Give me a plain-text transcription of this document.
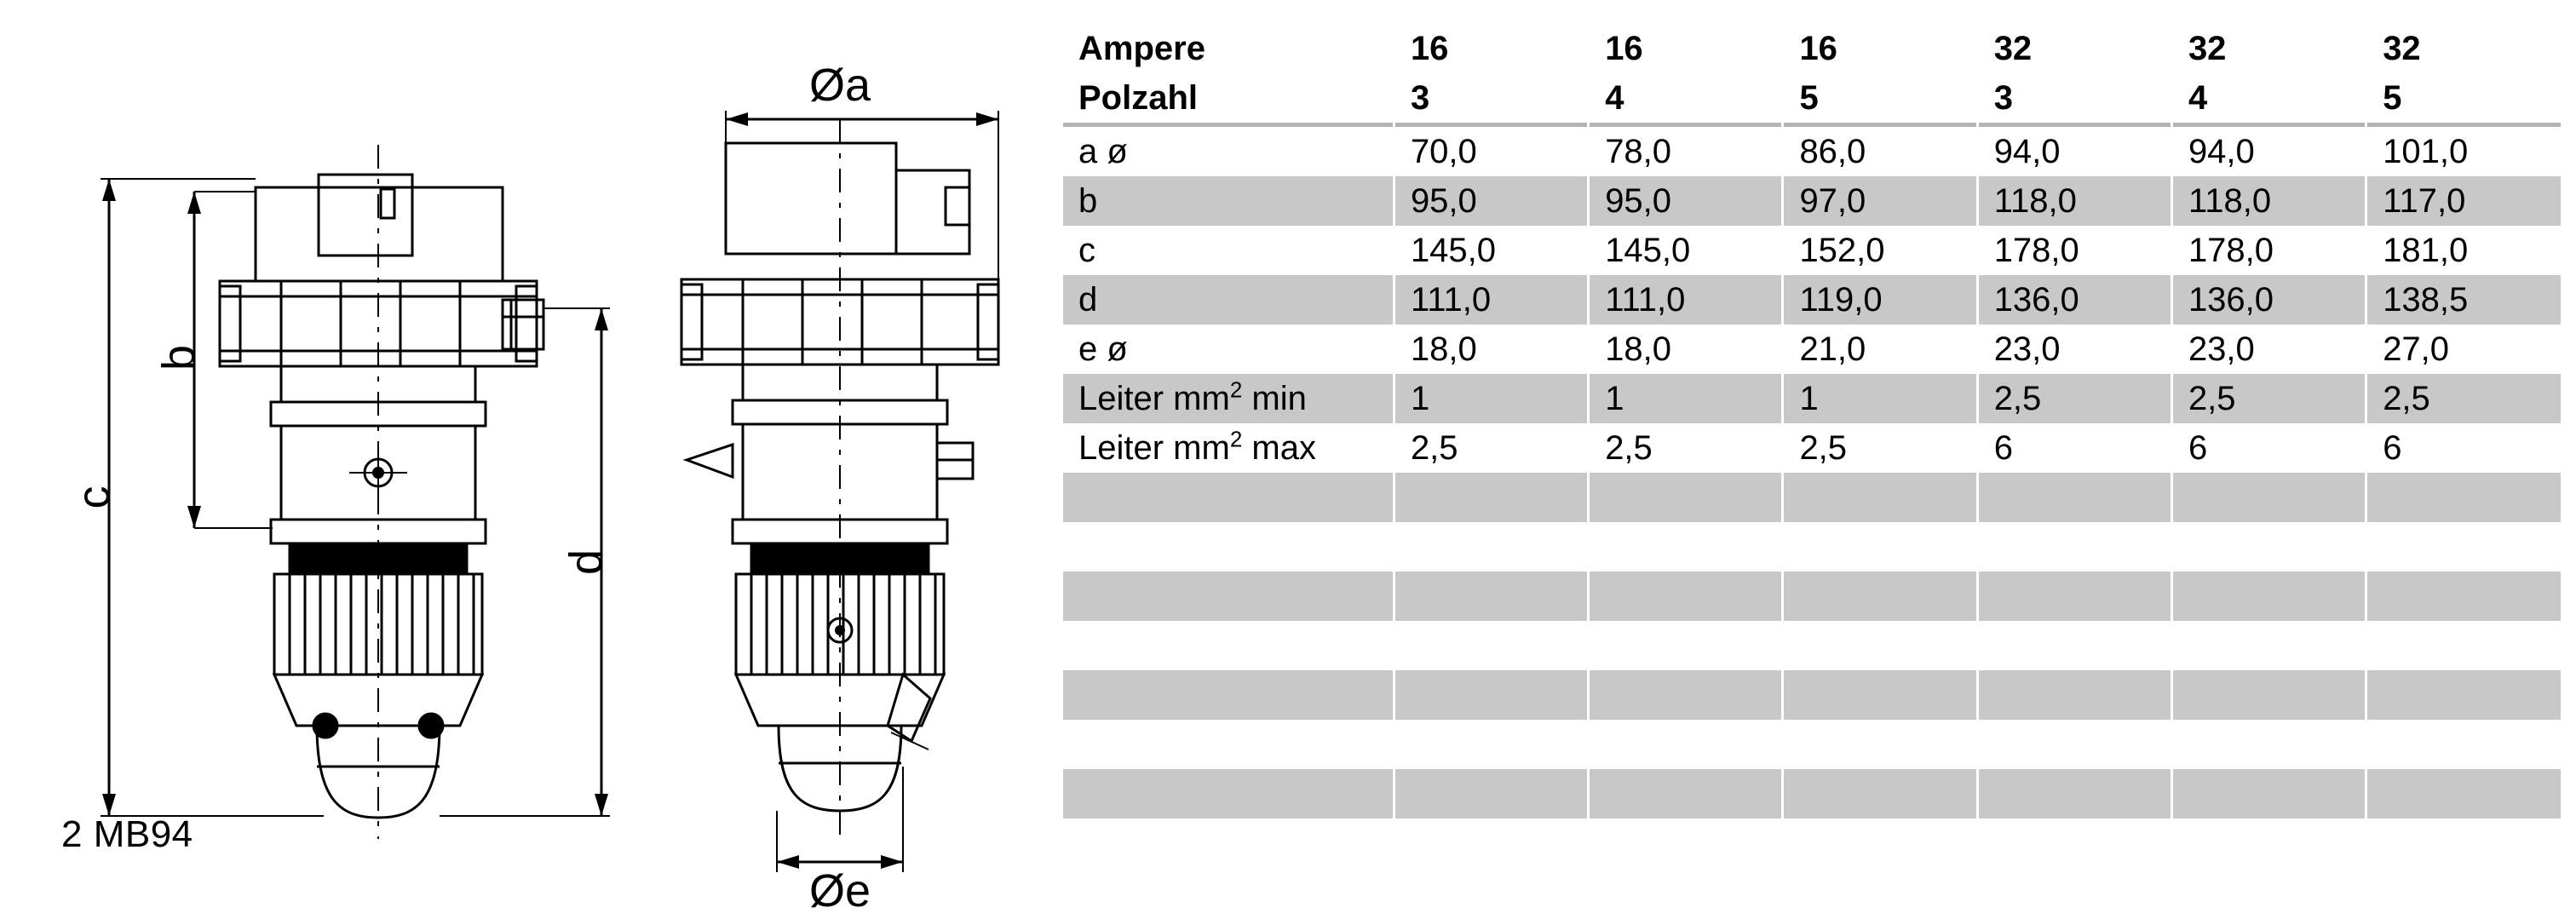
Øa
Øe
b
c
d
2 MB94
Ampere	16	16	16	32	32	32
Polzahl	3	4	5	3	4	5

a ø	70,0	78,0	86,0	94,0	94,0	101,0
b	95,0	95,0	97,0	118,0	118,0	117,0
c	145,0	145,0	152,0	178,0	178,0	181,0
d	111,0	111,0	119,0	136,0	136,0	138,5
e ø	18,0	18,0	21,0	23,0	23,0	27,0
Leiter $mm^2$ min	1	1	1	2,5	2,5	2,5
Leiter $mm^2$ max	2,5	2,5	2,5	6	6	6
